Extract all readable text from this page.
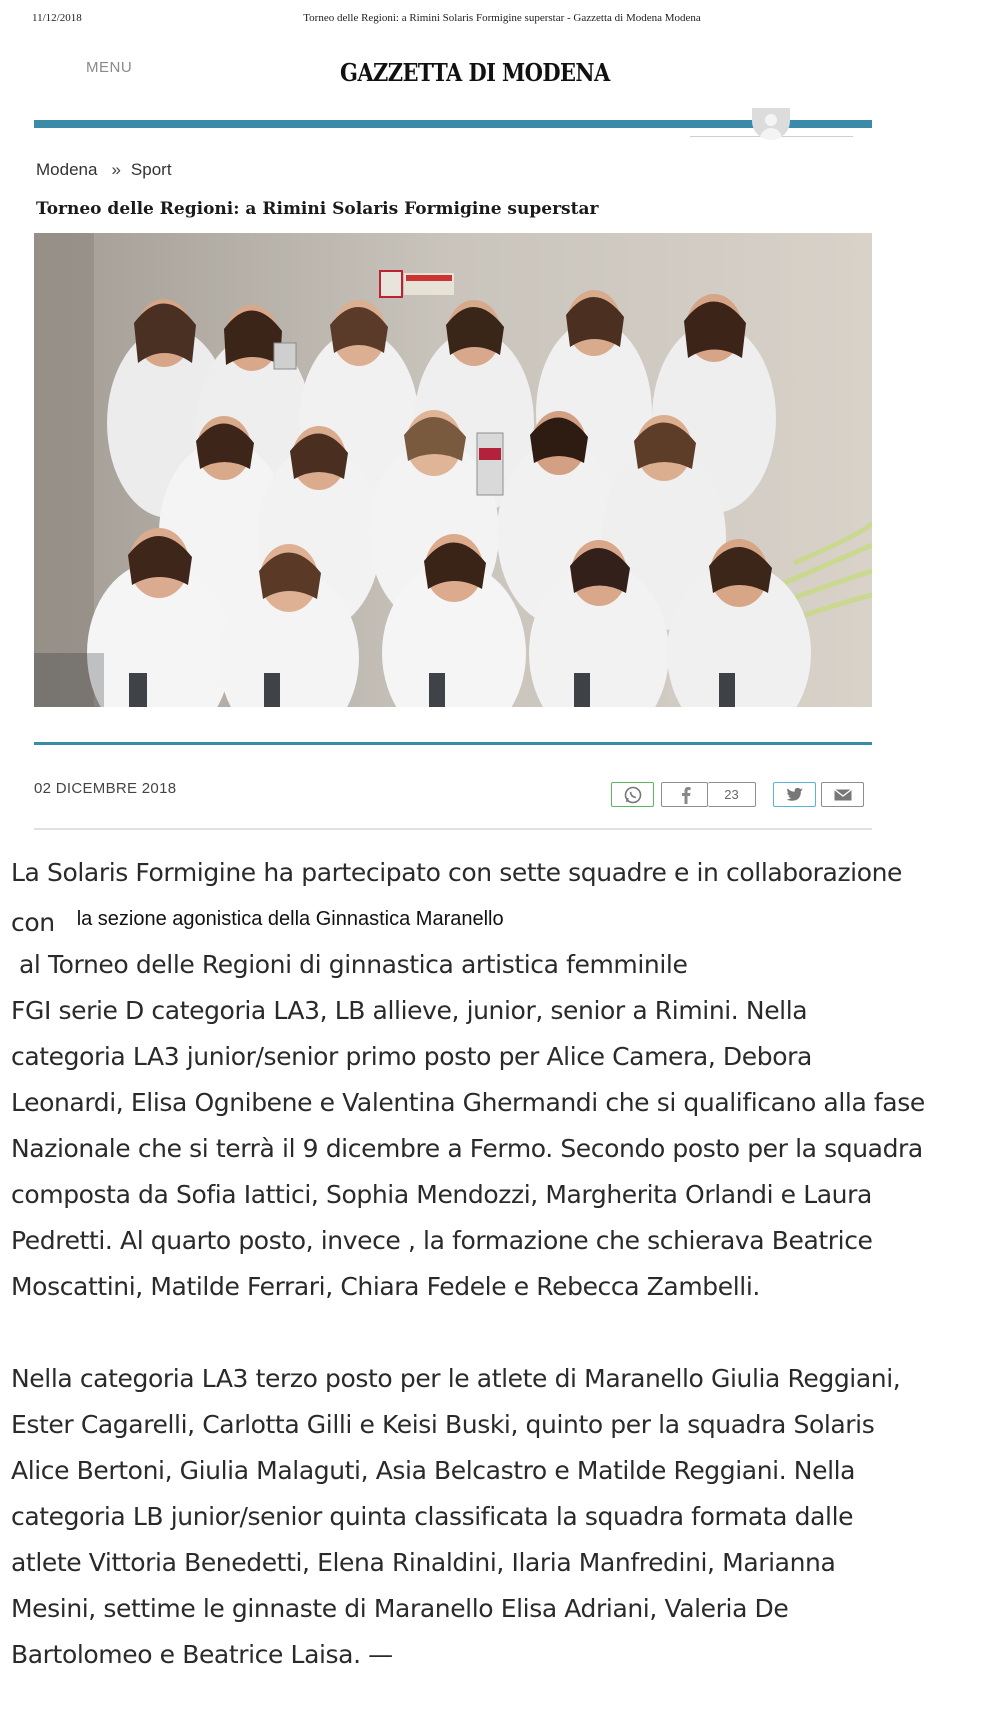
11/12/2018	Torneo delle Regioni: a Rimini Solaris Formigine superstar - Gazzetta di Modena Modena
MENU	GAZZETTA DI MODENA
Modena » Sport
Torneo delle Regioni: a Rimini Solaris Formigine superstar
02 DICEMBRE 2018	23
La Solaris Formigine ha partecipato con sette squadre e in collaborazione
con $^{la sezione agonistica della Ginnastica Maranello}$
al Torneo delle Regioni di ginnastica artistica femminile
FGI serie D categoria LA3, LB allieve, junior, senior a Rimini. Nella
categoria LA3 junior/senior primo posto per Alice Camera, Debora
Leonardi, Elisa Ognibene e Valentina Ghermandi che si qualificano alla fase
Nazionale che si terrà il 9 dicembre a Fermo. Secondo posto per la squadra
composta da Sofia Iattici, Sophia Mendozzi, Margherita Orlandi e Laura
Pedretti. Al quarto posto, invece , la formazione che schierava Beatrice
Moscattini, Matilde Ferrari, Chiara Fedele e Rebecca Zambelli.
Nella categoria LA3 terzo posto per le atlete di Maranello Giulia Reggiani,
Ester Cagarelli, Carlotta Gilli e Keisi Buski, quinto per la squadra Solaris
Alice Bertoni, Giulia Malaguti, Asia Belcastro e Matilde Reggiani. Nella
categoria LB junior/senior quinta classificata la squadra formata dalle
atlete Vittoria Benedetti, Elena Rinaldini, Ilaria Manfredini, Marianna
Mesini, settime le ginnaste di Maranello Elisa Adriani, Valeria De
Bartolomeo e Beatrice Laisa. —
